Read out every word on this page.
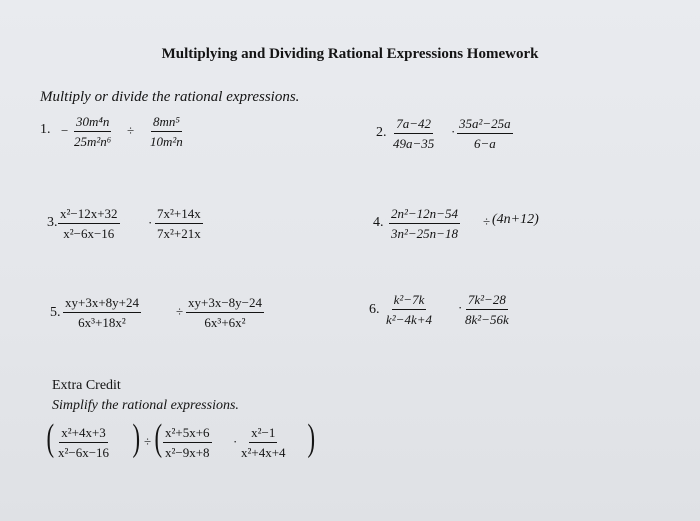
Multiplying and Dividing Rational Expressions Homework
Multiply or divide the rational expressions.
1. − $\frac{\text{30m⁴n}}{\text{25m²n⁶}} \div \frac{\text{8mn⁵}}{\text{10m²n}}$	2. $\frac{7a-42}{49a-35} \cdot \frac{\text{35a²−25a}}{6-a}$
3. $\frac{\text{x²−12x+32}}{\text{x²−6x−16}} \cdot \frac{\text{7x²+14x}}{\text{7x²+21x}}$	4. $\frac{\text{2n²−12n−54}}{\text{3n²−25n−18}} \div (4n+12)$
5. $\frac{xy+3x+8y+24}{\text{6x³+18x²}}$	÷ $\frac{xy+3x-8y-24}{\text{6x³+6x²}}$	6. $\frac{\text{k²−7k}}{\text{k²−4k+4}} \cdot \frac{\text{7k²−28}}{\text{8k²−56k}}$
Extra Credit
Simplify the rational expressions.
( $\frac{\text{x²+4x+3}}{\text{x²−6x−16}}$ ) ÷ ( $\frac{\text{x²+5x+6}}{\text{x²−9x+8}} \cdot \frac{\text{x²−1}}{\text{x²+4x+4}}$ )
